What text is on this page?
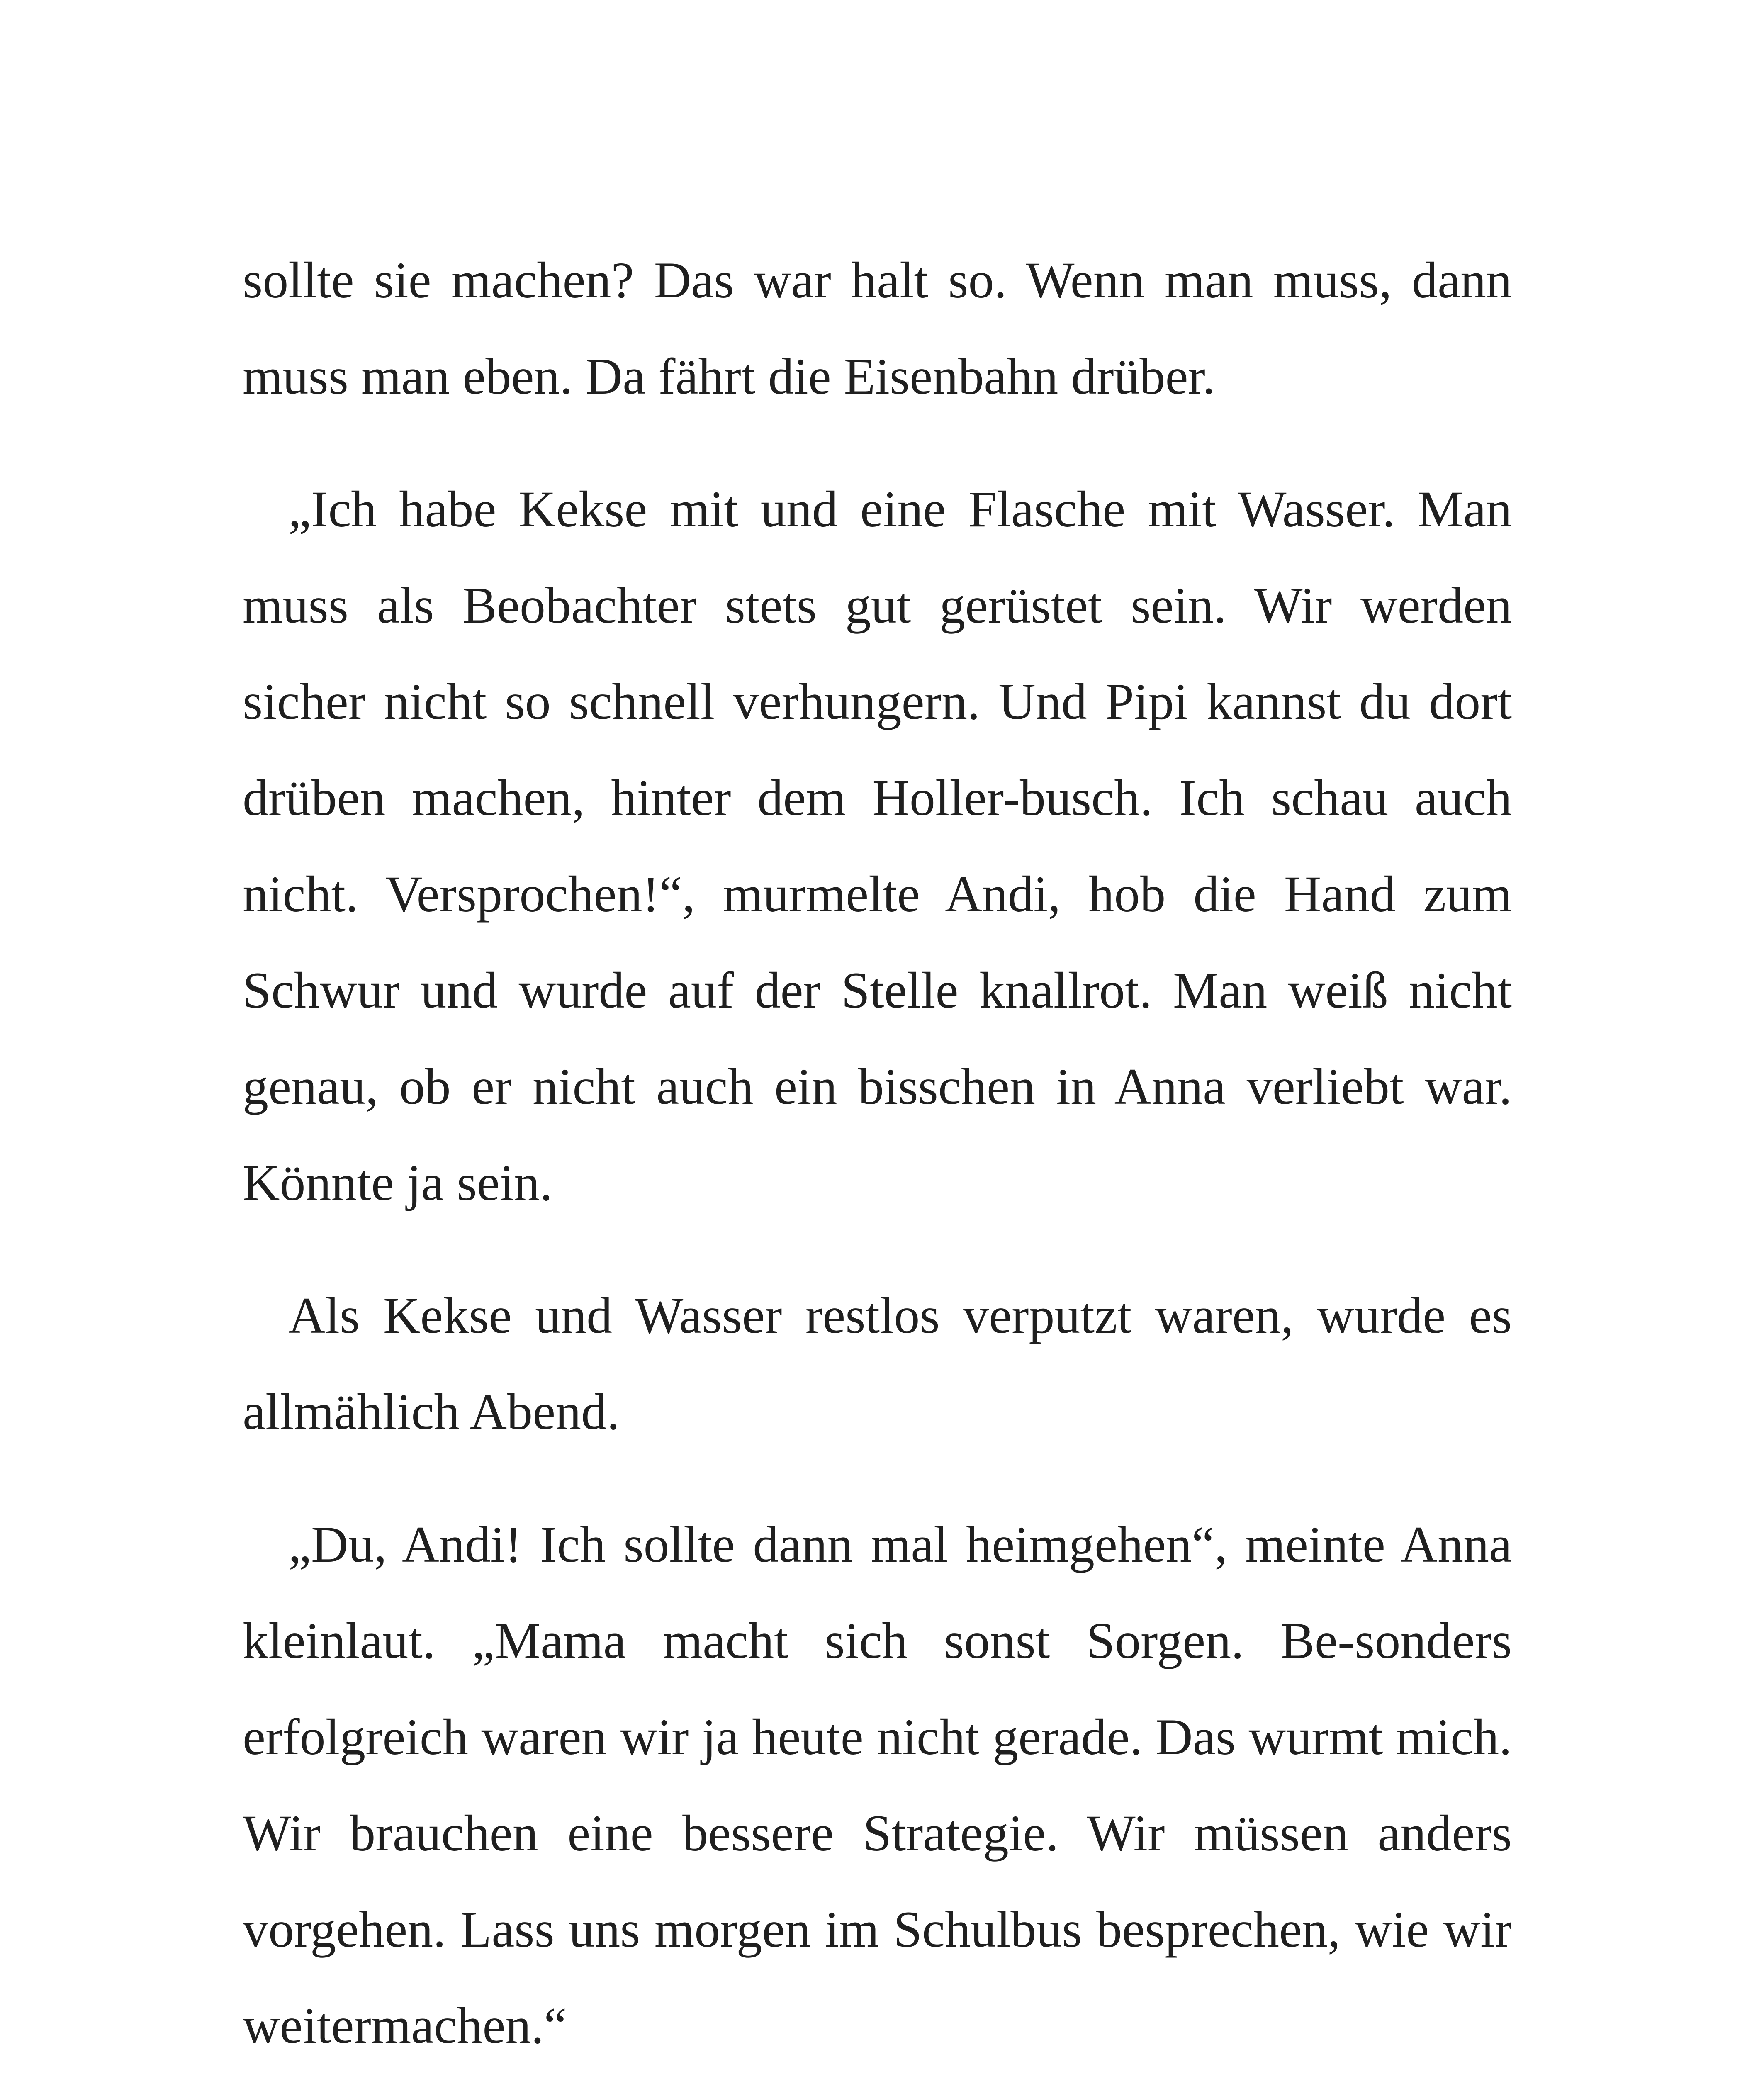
sollte sie machen? Das war halt so. Wenn man muss, dann muss man eben. Da fährt die Eisenbahn drüber.

„Ich habe Kekse mit und eine Flasche mit Wasser. Man muss als Beobachter stets gut gerüstet sein. Wir werden sicher nicht so schnell verhungern. Und Pipi kannst du dort drüben machen, hinter dem Holler-busch. Ich schau auch nicht. Versprochen!“, murmelte Andi, hob die Hand zum Schwur und wurde auf der Stelle knallrot. Man weiß nicht genau, ob er nicht auch ein bisschen in Anna verliebt war. Könnte ja sein.

Als Kekse und Wasser restlos verputzt waren, wurde es allmählich Abend.

„Du, Andi! Ich sollte dann mal heimgehen“, meinte Anna kleinlaut. „Mama macht sich sonst Sorgen. Be-sonders erfolgreich waren wir ja heute nicht gerade. Das wurmt mich. Wir brauchen eine bessere Strategie. Wir müssen anders vorgehen. Lass uns morgen im Schulbus besprechen, wie wir weitermachen.“
